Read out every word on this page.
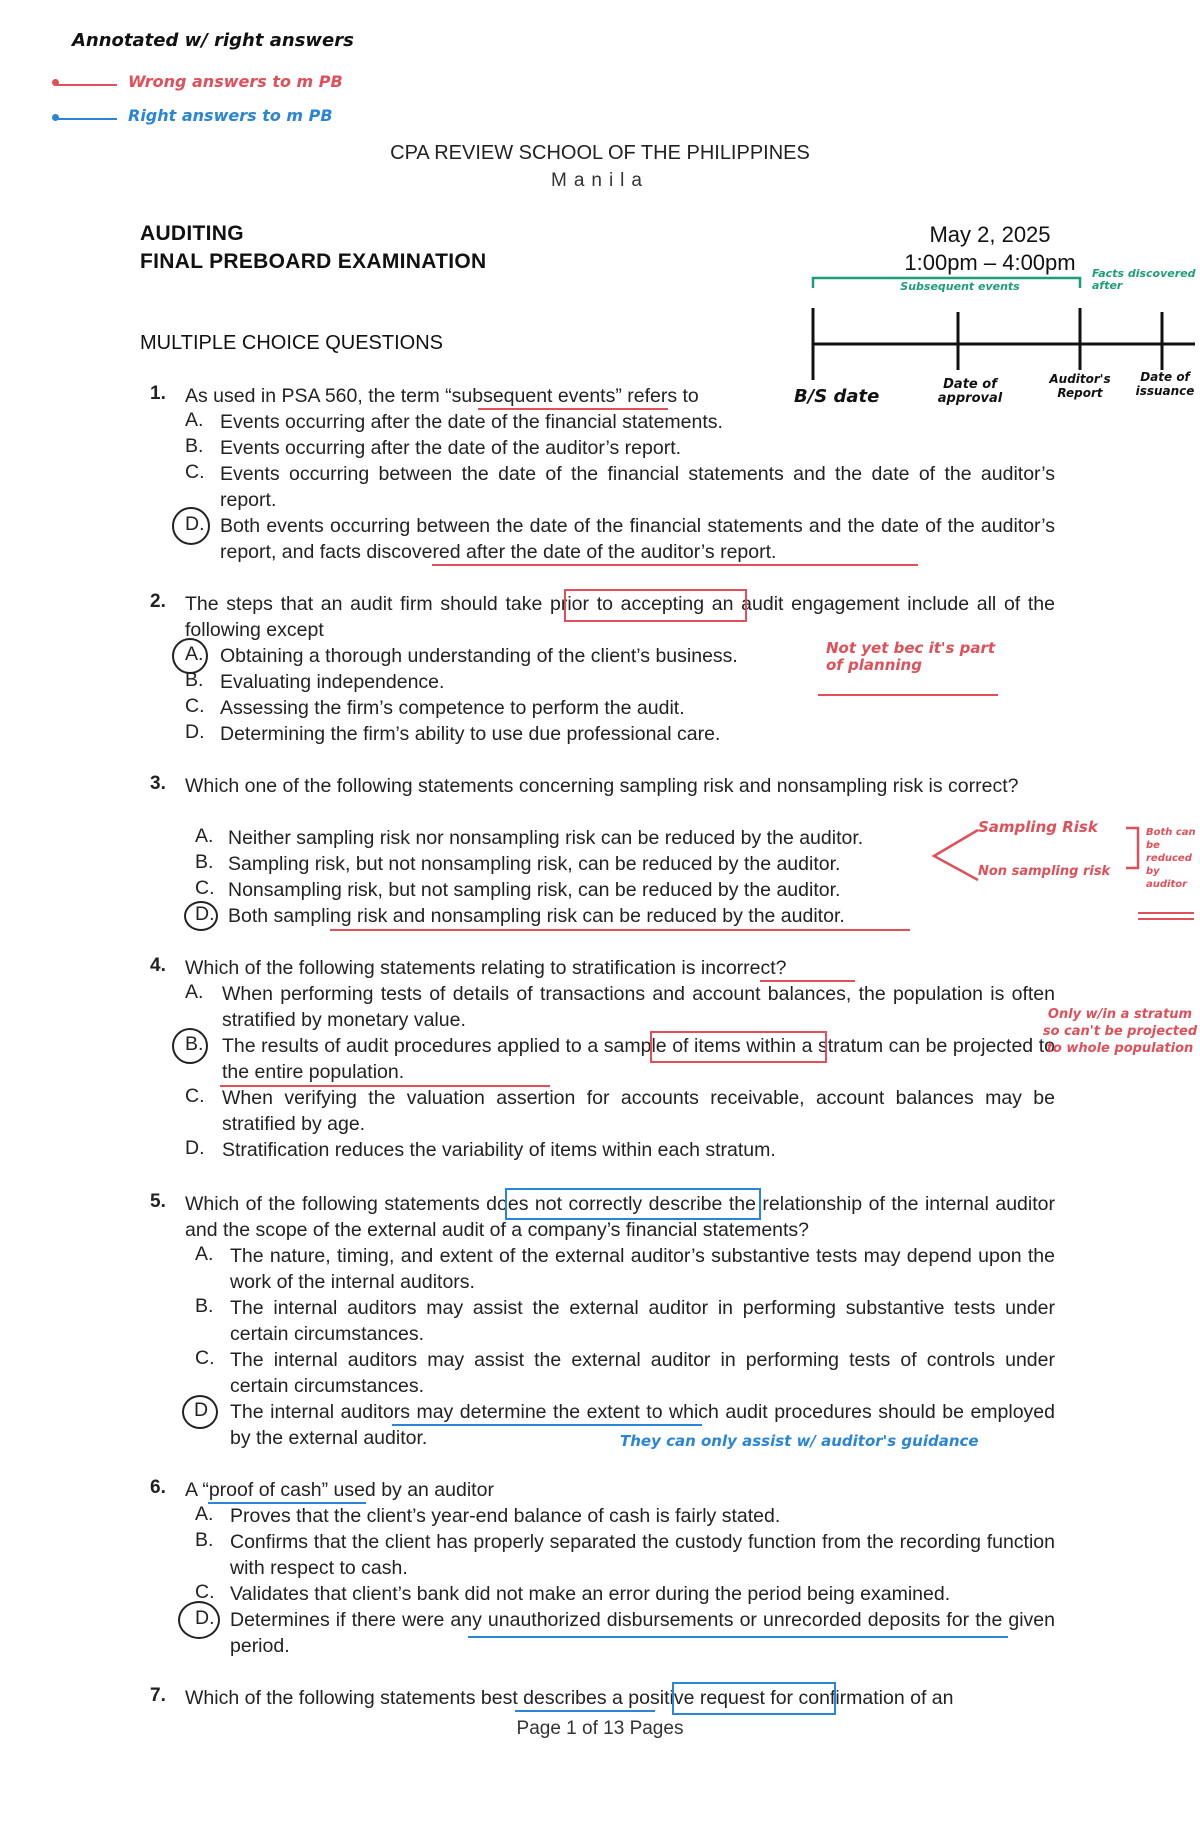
Annotated w/ right answers
Wrong answers to m PB
Right answers to m PB
CPA REVIEW SCHOOL OF THE PHILIPPINES
Manila
AUDITING
FINAL PREBOARD EXAMINATION
May 2, 2025
1:00pm – 4:00pm
MULTIPLE CHOICE QUESTIONS
Subsequent events
Facts discovered after
B/S date
Date of approval
Auditor's Report
Date of issuance
1. As used in PSA 560, the term “subsequent events” refers to
A. Events occurring after the date of the financial statements.
B. Events occurring after the date of the auditor’s report.
C. Events occurring between the date of the financial statements and the date of the auditor’s report.
D. Both events occurring between the date of the financial statements and the date of the auditor’s report, and facts discovered after the date of the auditor’s report.
2. The steps that an audit firm should take prior to accepting an audit engagement include all of the following except
A. Obtaining a thorough understanding of the client’s business.
B. Evaluating independence.
C. Assessing the firm’s competence to perform the audit.
D. Determining the firm’s ability to use due professional care.
Not yet bec it's part of planning
3. Which one of the following statements concerning sampling risk and nonsampling risk is correct?
A. Neither sampling risk nor nonsampling risk can be reduced by the auditor.
B. Sampling risk, but not nonsampling risk, can be reduced by the auditor.
C. Nonsampling risk, but not sampling risk, can be reduced by the auditor.
D. Both sampling risk and nonsampling risk can be reduced by the auditor.
Sampling Risk
Non sampling risk
Both can be reduced by auditor
4. Which of the following statements relating to stratification is incorrect?
A. When performing tests of details of transactions and account balances, the population is often stratified by monetary value.
B. The results of audit procedures applied to a sample of items within a stratum can be projected to the entire population.
C. When verifying the valuation assertion for accounts receivable, account balances may be stratified by age.
D. Stratification reduces the variability of items within each stratum.
Only w/in a stratum so can't be projected to whole population
5. Which of the following statements does not correctly describe the relationship of the internal auditor and the scope of the external audit of a company’s financial statements?
A. The nature, timing, and extent of the external auditor’s substantive tests may depend upon the work of the internal auditors.
B. The internal auditors may assist the external auditor in performing substantive tests under certain circumstances.
C. The internal auditors may assist the external auditor in performing tests of controls under certain circumstances.
D The internal auditors may determine the extent to which audit procedures should be employed by the external auditor.	They can only assist w/ auditor's guidance
6. A “proof of cash” used by an auditor
A. Proves that the client’s year-end balance of cash is fairly stated.
B. Confirms that the client has properly separated the custody function from the recording function with respect to cash.
C. Validates that client’s bank did not make an error during the period being examined.
D. Determines if there were any unauthorized disbursements or unrecorded deposits for the given period.
7. Which of the following statements best describes a positive request for confirmation of an
Page 1 of 13 Pages
